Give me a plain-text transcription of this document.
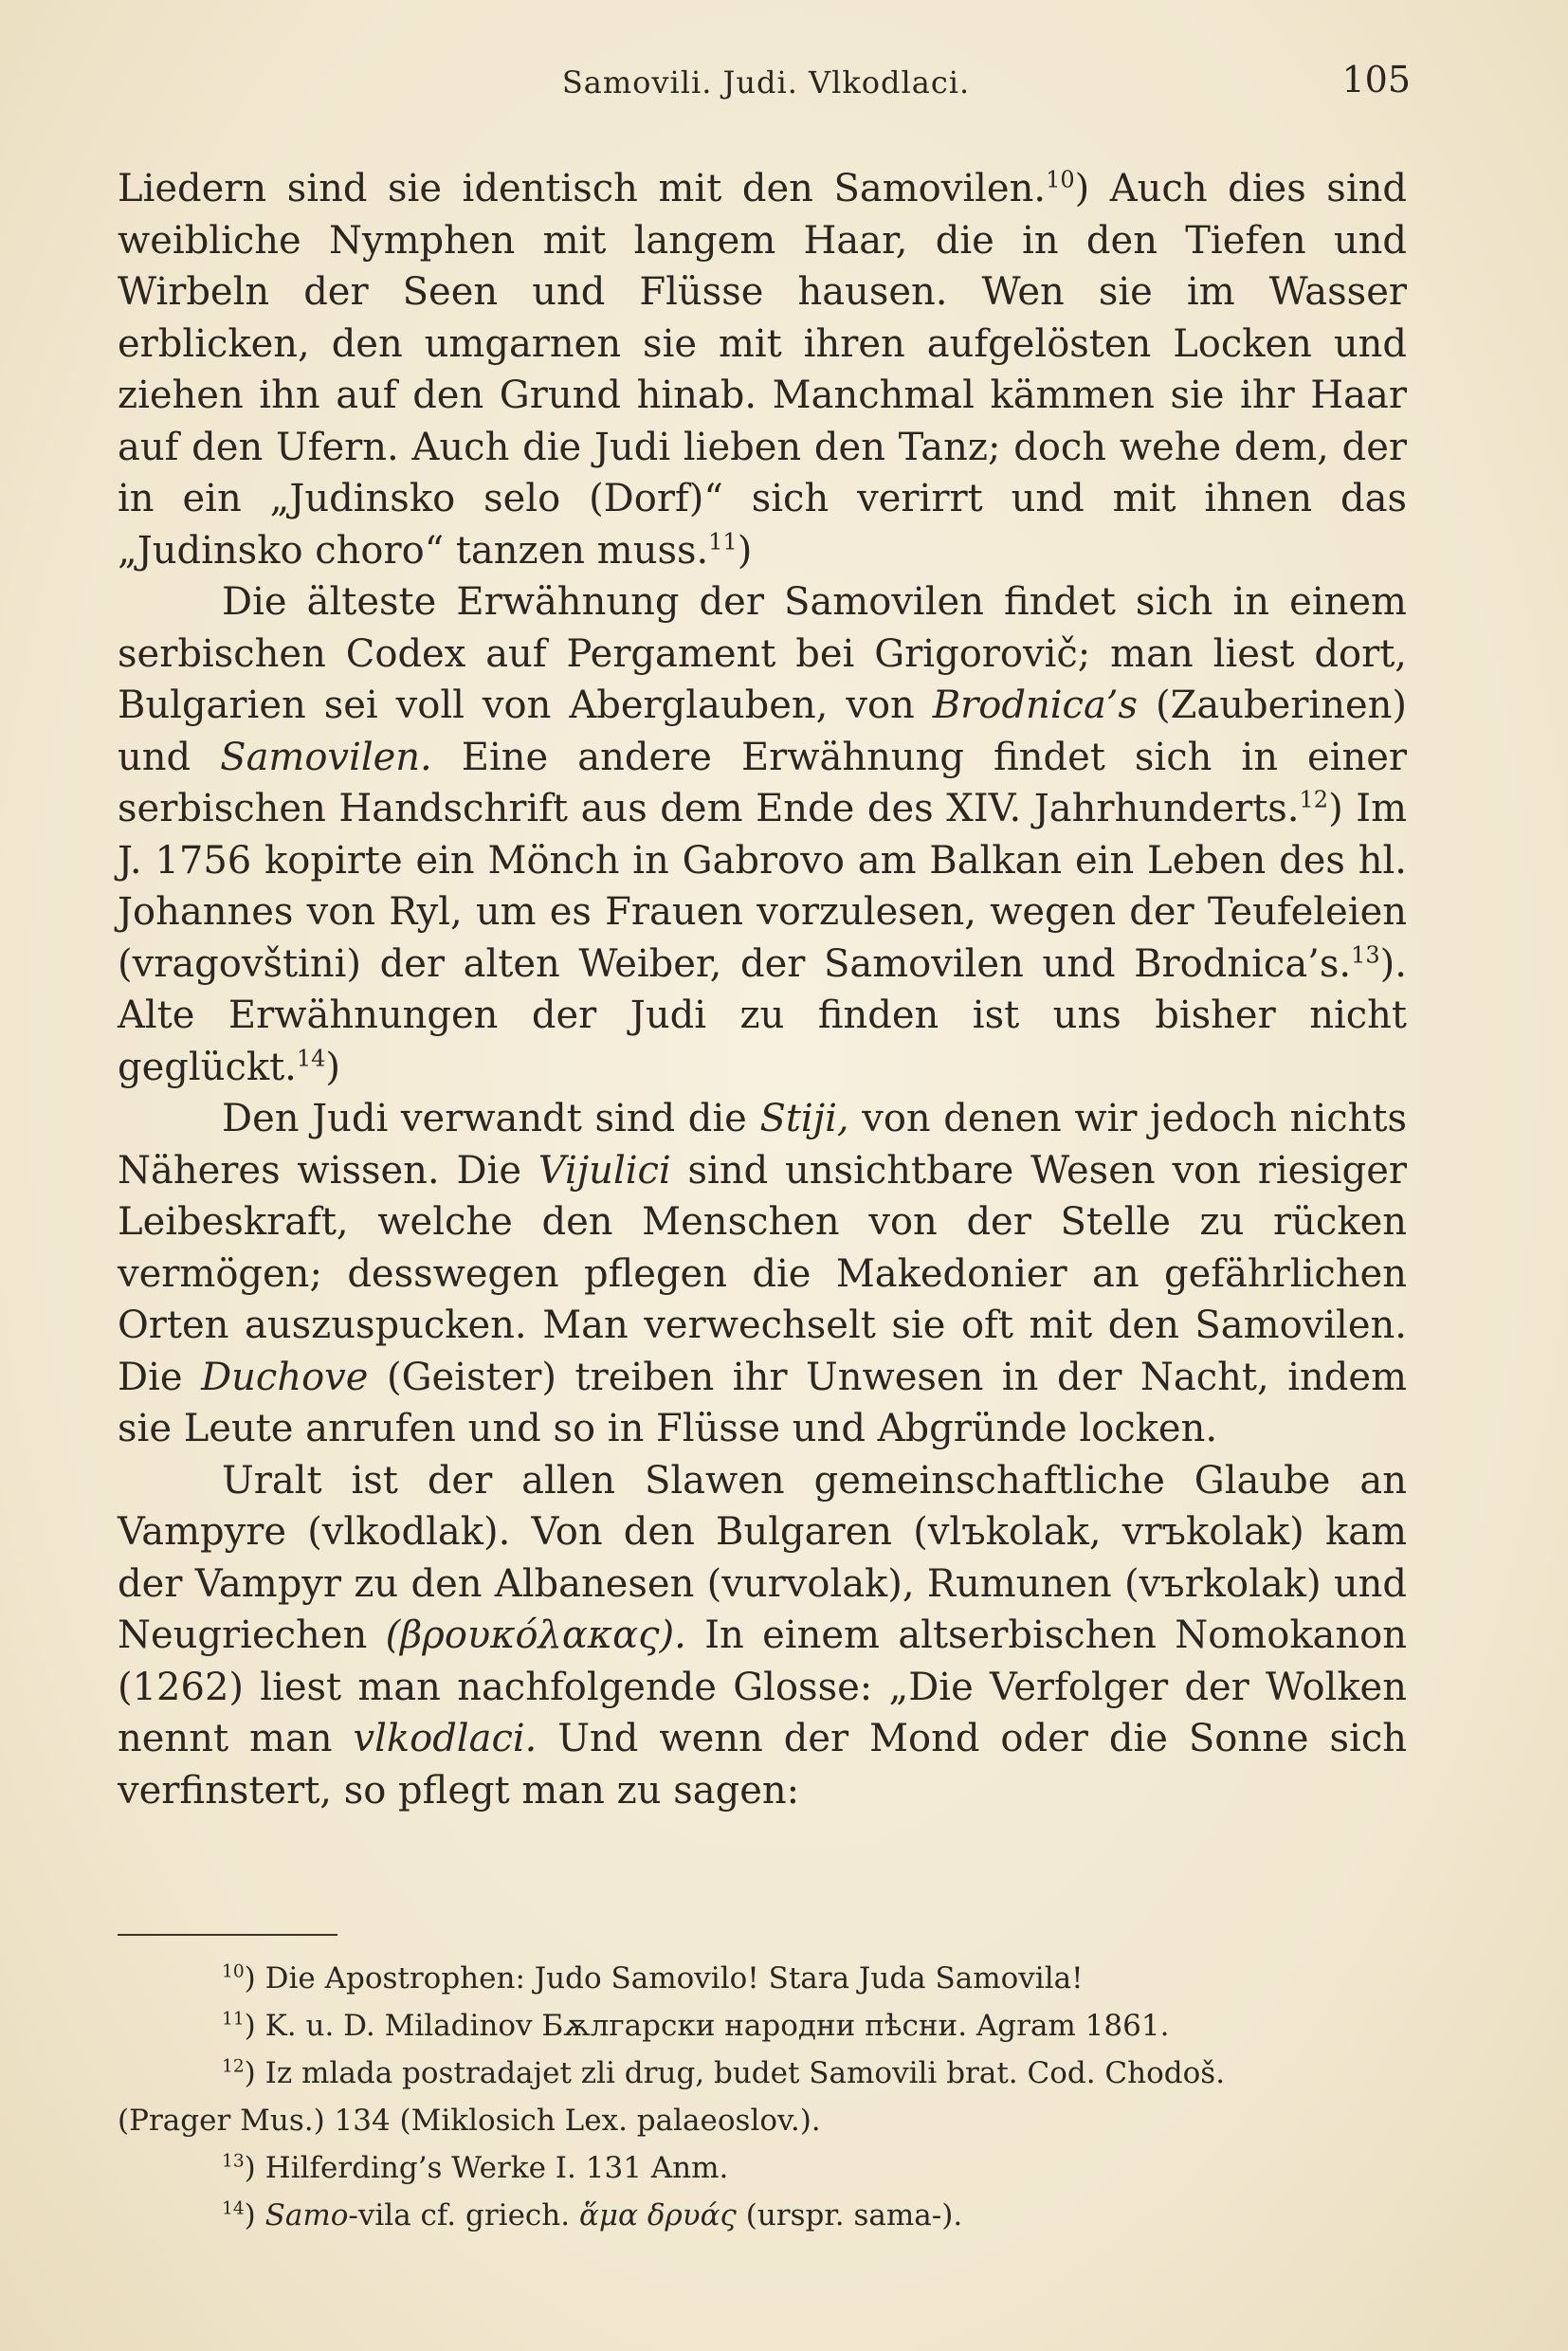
Samovili. Judi. Vlkodlaci.	105

Liedern sind sie identisch mit den Samovilen.$^{10}$) Auch dies sind weibliche Nymphen mit langem Haar, die in den Tiefen und Wirbeln der Seen und Flüsse hausen. Wen sie im Wasser erblicken, den umgarnen sie mit ihren aufgelösten Locken und ziehen ihn auf den Grund hinab. Manchmal kämmen sie ihr Haar auf den Ufern. Auch die Judi lieben den Tanz; doch wehe dem, der in ein „Judinsko selo (Dorf)“ sich verirrt und mit ihnen das „Judinsko choro“ tanzen muss.$^{11}$)

Die älteste Erwähnung der Samovilen findet sich in einem serbischen Codex auf Pergament bei Grigorovič; man liest dort, Bulgarien sei voll von Aberglauben, von Brodnica’s (Zauberinen) und Samovilen. Eine andere Erwähnung findet sich in einer serbischen Handschrift aus dem Ende des XIV. Jahrhunderts.$^{12}$) Im J. 1756 kopirte ein Mönch in Gabrovo am Balkan ein Leben des hl. Johannes von Ryl, um es Frauen vorzulesen, wegen der Teufeleien (vragovštini) der alten Weiber, der Samovilen und Brodnica’s.$^{13}$). Alte Erwähnungen der Judi zu finden ist uns bisher nicht geglückt.$^{14}$)

Den Judi verwandt sind die Stiji, von denen wir jedoch nichts Näheres wissen. Die Vijulici sind unsichtbare Wesen von riesiger Leibeskraft, welche den Menschen von der Stelle zu rücken vermögen; desswegen pflegen die Makedonier an gefährlichen Orten auszuspucken. Man verwechselt sie oft mit den Samovilen. Die Duchove (Geister) treiben ihr Unwesen in der Nacht, indem sie Leute anrufen und so in Flüsse und Abgründe locken.

Uralt ist der allen Slawen gemeinschaftliche Glaube an Vampyre (vlkodlak). Von den Bulgaren (vlъkolak, vrъkolak) kam der Vampyr zu den Albanesen (vurvolak), Rumunen (vъrkolak) und Neugriechen (βρουκόλακας). In einem altserbischen Nomokanon (1262) liest man nachfolgende Glosse: „Die Verfolger der Wolken nennt man vlkodlaci. Und wenn der Mond oder die Sonne sich verfinstert, so pflegt man zu sagen:

$^{10}$) Die Apostrophen: Judo Samovilo! Stara Juda Samovila!

$^{11}$) K. u. D. Miladinov Бѫлгарски народни пѣсни. Agram 1861.

$^{12}$) Iz mlada postradajet zli drug, budet Samovili brat. Cod. Chodoš.

(Prager Mus.) 134 (Miklosich Lex. palaeoslov.).

$^{13}$) Hilferding’s Werke I. 131 Anm.

$^{14}$) Samo-vila cf. griech. ἅμα δρυάς (urspr. sama-).
